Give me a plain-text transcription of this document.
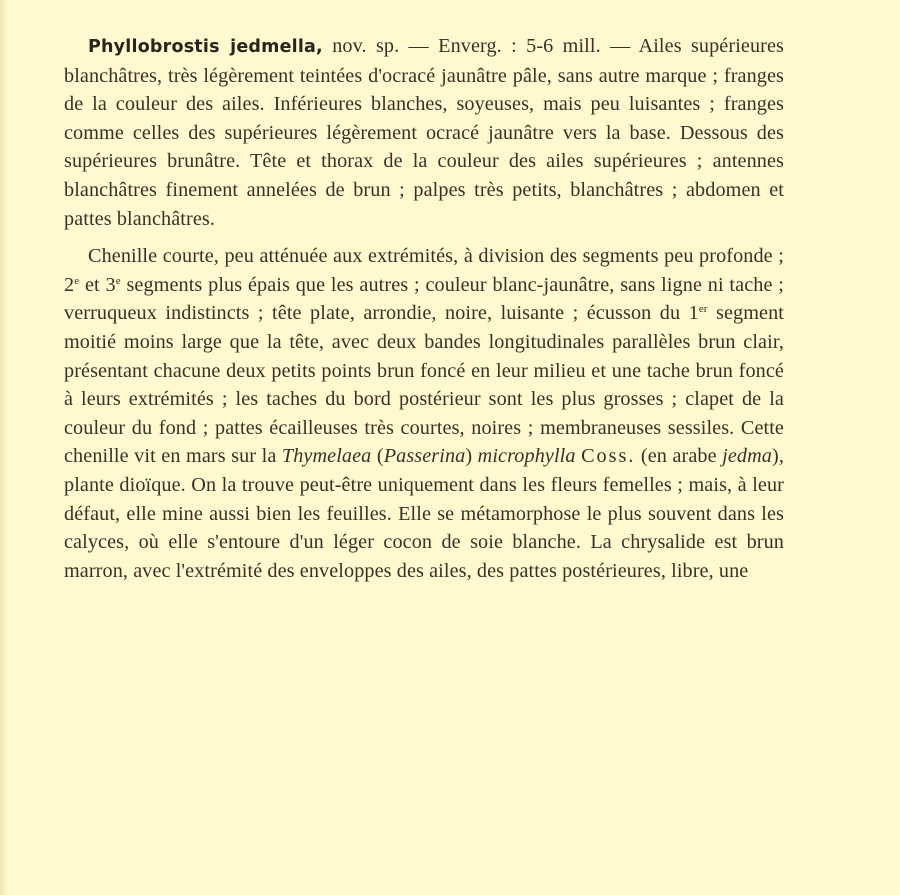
Phyllobrostis jedmella, nov. sp. — Enverg. : 5-6 mill. — Ailes supérieures blanchâtres, très légèrement teintées d'ocracé jaunâtre pâle, sans autre marque ; franges de la couleur des ailes. Inférieures blanches, soyeuses, mais peu luisantes ; franges comme celles des supérieures légèrement ocracé jaunâtre vers la base. Dessous des supérieures brunâtre. Tête et thorax de la couleur des ailes supérieures ; antennes blanchâtres finement annelées de brun ; palpes très petits, blanchâtres ; abdomen et pattes blanchâtres.

Chenille courte, peu atténuée aux extrémités, à division des segments peu profonde ; 2e et 3e segments plus épais que les autres ; couleur blanc-jaunâtre, sans ligne ni tache ; verruqueux indistincts ; tête plate, arrondie, noire, luisante ; écusson du 1er segment moitié moins large que la tête, avec deux bandes longitudinales parallèles brun clair, présentant chacune deux petits points brun foncé en leur milieu et une tache brun foncé à leurs extrémités ; les taches du bord postérieur sont les plus grosses ; clapet de la couleur du fond ; pattes écailleuses très courtes, noires ; membraneuses sessiles. Cette chenille vit en mars sur la Thymelaea (Passerina) microphylla Coss. (en arabe jedma), plante dioïque. On la trouve peut-être uniquement dans les fleurs femelles ; mais, à leur défaut, elle mine aussi bien les feuilles. Elle se métamorphose le plus souvent dans les calyces, où elle s'entoure d'un léger cocon de soie blanche. La chrysalide est brun marron, avec l'extrémité des enveloppes des ailes, des pattes postérieures, libre, une
